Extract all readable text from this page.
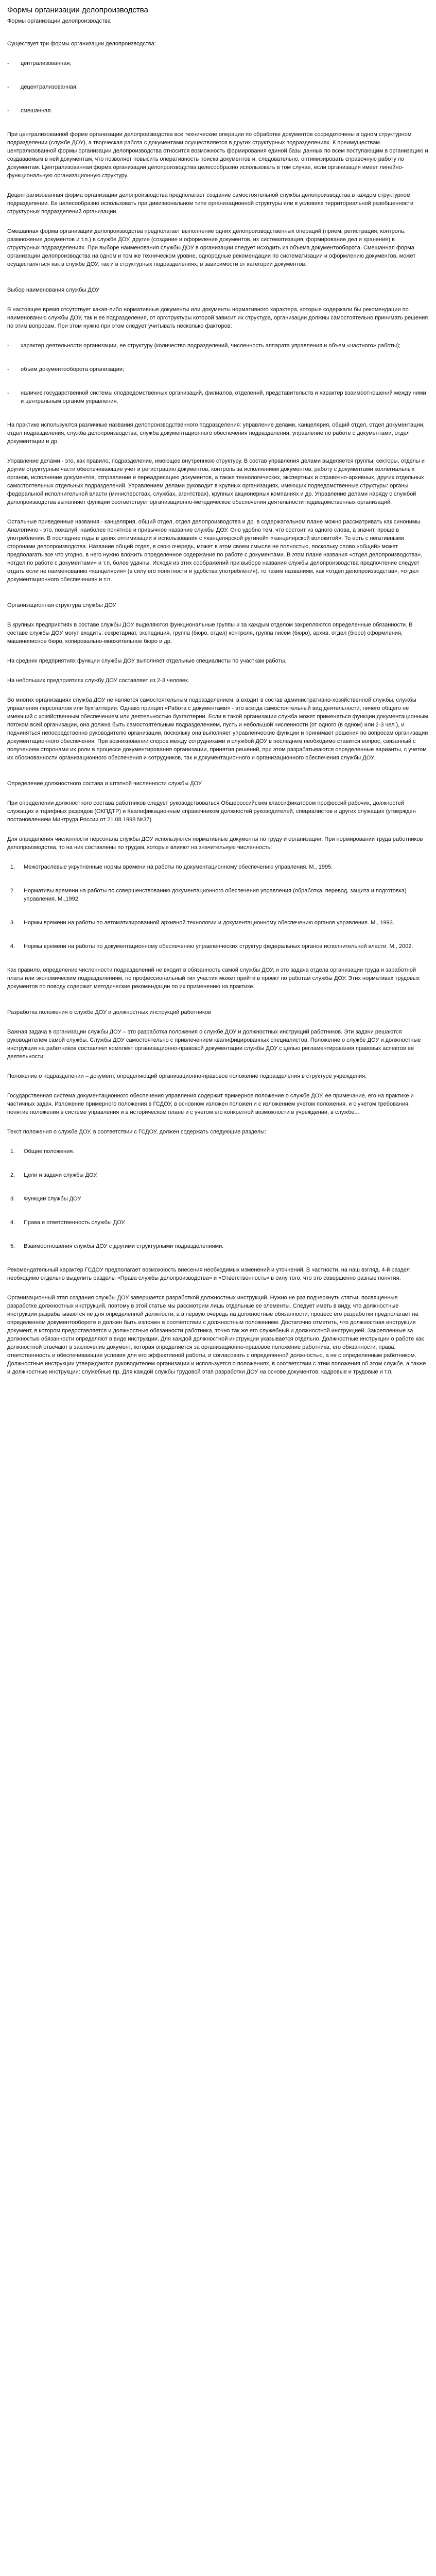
Формы организации делопроизводства
Формы организации делопроизводства
Существует три формы организации делопроизводства:
-	централизованная;
-	децентрализованная;
-	смешанная.
При централизованной форме организации делопроизводства все технические операции по обработке документов сосредоточены в одном структурном подразделении (службе ДОУ), а творческая работа с документами осуществляется в других структурных подразделениях. К преимуществам централизованной формы организации делопроизводства относится возможность формирования единой базы данных по всем поступающим в организацию и создаваемым в ней документам, что позволяет повысить оперативность поиска документов и, следовательно, оптимизировать справочную работу по документам. Централизованная форма организации делопроизводства целесообразно использовать в том случае, если организация имеет линейно-функциональную организационную структуру.
Децентрализованная форма организации делопроизводства предполагает создание самостоятельной службы делопроизводства в каждом структурном подразделении. Ее целесообразно использовать при дивизиональном типе организационной структуры или в условиях территориальной разобщенности структурных подразделений организации.
Смешанная форма организации делопроизводства предполагает выполнение одних делопроизводственных операций (прием, регистрация, контроль, размножение документов и т.п.) в службе ДОУ, другие (создание и оформление документов, их систематизация, формирование дел и хранение) в структурных подразделениях. При выборе наименования службы ДОУ в организации следует исходить из объема документооборота. Смешанная форма организации делопроизводства на одном и том же техническом уровне, однородные рекомендации по систематизации и оформлению документов, может осуществляться как в службе ДОУ, так и в структурных подразделениях, в зависимости от категории документов.
Выбор наименования службы ДОУ
В настоящее время отсутствует какая-либо нормативные документы или документы нормативного характера, которые содержали бы рекомендации по наименованию службы ДОУ, так и ее подразделения, от оргструктуры которой зависит их структура, организации должны самостоятельно принимать решения по этим вопросам. При этом нужно при этом следует учитывать несколько факторов:
-	характер деятельности организации, ее структуру (количество подразделений, численность аппарата управления и объем «частного» работы);
-	объем документооборота организации;
-	наличие государственной системы сподведомственных организаций, филиалов, отделений, представительств и характер взаимоотношений между ними и центральным органом управления.
На практике используются различные названия делопроизводственного подразделения: управление делами, канцелярия, общий отдел, отдел документации, отдел подразделения, служба делопроизводства, служба документационного обеспечения подразделения, управление по работе с документами, отдел документации и др.
Управление делами - это, как правило, подразделение, имеющее внутреннюю структуру. В состав управления делами выделяется группы, секторы, отделы и другие структурные части обеспечивающие учет и регистрацию документов, контроль за исполнением документов, работу с документами коллегиальных органов, исполнение документов, отправление и переадресацию документов, а также технологических, экспертных и справочно-архивных, других отдельных самостоятельных отдельных подразделений. Управлением делами руководит в крупных организациях, имеющих подведомственные структуры: органы федеральной исполнительной власти (министерствах, службах, агентствах), крупных акционерных компаниях и др. Управление делами наряду с службой делопроизводства выполняет функции соответствует организационно-методическое обеспечения деятельности подведомственных организаций.
Остальные приведенные названия - канцелярия, общий отдел, отдел делопроизводства и др. в содержательном плане можно рассматривать как синонимы. Аналогично - это, пожалуй, наиболее понятное и привычное название службы ДОУ. Оно удобно тем, что состоит из одного слова, а значит, проще в употреблении. В последние годы в целях оптимизации и использования с «канцелярской рутиной» «канцелярской волокитой». То есть с негативными сторонами делопроизводства. Название общий отдел, в свою очередь, может в этом своем смысле не полностью, поскольку слово «общий» может предполагать все что угодно, в него нужно вложить определенное содержание по работе с документами. В этом плане названия «отдел делопроизводства», «отдел по работе с документами» и т.п. более удачны. Исходя из этих соображений при выборе названия службы делопроизводства предпочтение следует отдать если не наименованию «канцелярия» (в силу его понятности и удобства употребления), то таким названиям, как «отдел делопроизводства», «отдел документационного обеспечения» и т.п.
Организационная структура службы ДОУ
В крупных предприятиях в составе службы ДОУ выделяются функциональные группы и за каждым отделом закрепляются определенные обязанности. В составе службы ДОУ могут входить: секретариат, экспедиция, группа (бюро, отдел) контроля, группа писем (бюро), архив, отдел (бюро) оформления, машинописное бюро, копировально-множительное бюро и др.
На средних предприятиях функции службы ДОУ выполняет отдельные специалисты по участкам работы.
На небольших предприятиях службу ДОУ составляет из 2-3 человек.
Во многих организациях служба ДОУ не является самостоятельным подразделением, а входит в состав административно-хозяйственной службы, службы управления персоналом или бухгалтерии. Однако принцип «Работа с документами» - это всегда самостоятельный вид деятельности, ничего общего не имеющий с хозяйственным обеспечением или деятельностью бухгалтерии. Если в такой организации служба может применяться функции документационным потоком всей организации, она должна быть самостоятельным подразделением, пусть и небольшой численности (от одного (в одном) или 2-3 чел.), и подчиняться непосредственно руководителю организации, поскольку она выполняет управленческие функции и принимает решения по вопросам организации документационного обеспечения. При возникновении споров между сотрудниками и службой ДОУ в последнем необходимо ставится вопрос, связанный с получением сторонами их роли в процессе документирования организации, принятия решений, при этом разрабатываются определенные варианты, с учетом их обоснованности организационного обеспечения и сотрудников, так и документационного и организационного обеспечения службы ДОУ.
Определение должностного состава и штатной численности службы ДОУ
При определении должностного состава работников следует руководствоваться Общероссийским классификатором профессий рабочих, должностей служащих и тарифных разрядов (ОКПДТР) и Квалификационным справочником должностей руководителей, специалистов и других служащих (утвержден постановлением Минтруда России от 21.08.1998 №37).
Для определения численности персонала службы ДОУ используются нормативные документы по труду и организации. При нормировании труда работников делопроизводства, то на них составлены по трудам, которые влияют на значительную численность:
1.	Межотраслевые укрупненные нормы времени на работы по документационному обеспечению управления. М., 1995.
2.	Нормативы времени на работы по совершенствованию документационного обеспечения управления (обработка, перевод, защита и подготовка) управления. М.,1992.
3.	Нормы времени на работы по автоматизированной архивной технологии и документационному обеспечению органов управления. М., 1993.
4.	Нормы времени на работы по документационному обеспечению управленческих структур федеральных органов исполнительной власти. М., 2002.
Как правило, определение численности подразделений не входит в обязанность самой службы ДОУ, и это задача отдела организации труда и заработной платы или экономическим подразделениям, но профессиональный тип участия может прийти в проект по работам службы ДОУ. Этих нормативах трудовых документов по поводу содержит методические рекомендации по их применению на практике.
Разработка положения о службе ДОУ и должностных инструкций работников
Важная задача в организации службы ДОУ – это разработка положения о службе ДОУ и должностных инструкций работников. Эти задачи решаются руководителем самой службы. Службы ДОУ самостоятельно с привлечением квалифицированных специалистов. Положение о службе ДОУ и должностные инструкции на работников составляет комплект организационно-правовой документации службы ДОУ с целью регламентирования правовых аспектов ее деятельности.
Положение о подразделении – документ, определяющий организационно-правовое положение подразделения в структуре учреждения.
Государственная система документационного обеспечения управления содержит примерное положение о службе ДОУ, ее примечание, его на практике и частичных задач. Изложение примерного положения в ГСДОУ, в основном изложен положен и с изложением учетом положения, и с учетом требования, понятие положения в системе управления и в историческом плане и с учетом его конкретной возможности в учреждении, в службе...
Текст положения о службе ДОУ, в соответствии с ГСДОУ, должен содержать следующие разделы:
1.	Общие положения.
2.	Цели и задачи службы ДОУ.
3.	Функции службы ДОУ.
4.	Права и ответственность службы ДОУ.
5.	Взаимоотношения службы ДОУ с другими структурными подразделениями.
Рекомендательный характер ГСДОУ предполагает возможность внесения необходимых изменений и уточнений. В частности, на наш взгляд, 4-й раздел необходимо отдельно выделить разделы «Права службы делопроизводства» и «Ответственность» в силу того, что это совершенно разные понятия.
Организационный этап создания службы ДОУ завершается разработкой должностных инструкций. Нужно не раз подчеркнуть статьи, посвященные разработке должностных инструкций, поэтому в этой статье мы рассмотрим лишь отдельные ее элементы. Следует иметь в виду, что должностные инструкции разрабатываются не для определенной должности, а в первую очередь на должностные обязанности; процесс его разработки предполагает на определенном документообороте и должен быть изложен в соответствии с должностным положением. Достаточно отметить, что должностная инструкция документ, в котором предоставляется и должностные обязанности работника, точно так же его служебный и должностной инструкцией. Закрепленные за должностью обязанности определяют в виде инструкции. Для каждой должностной инструкции указывается отдельно. Должностные инструкции о работе как должностной отвечают в заключение документ, которая определяется за организационно-правовое положение работника, его обязанности, права, ответственность и обеспечивающие условия для его эффективной работы, и согласовать с определенной должностью, а не с определенным работником. Должностные инструкции утверждаются руководителем организации и используется о положениях, в соответствии с этим положения об этом службе, а также и должностные инструкции: служебные пр. Для каждой службы трудовой этап разработки ДОУ на основе документов, кадровые и трудовые и т.п.
